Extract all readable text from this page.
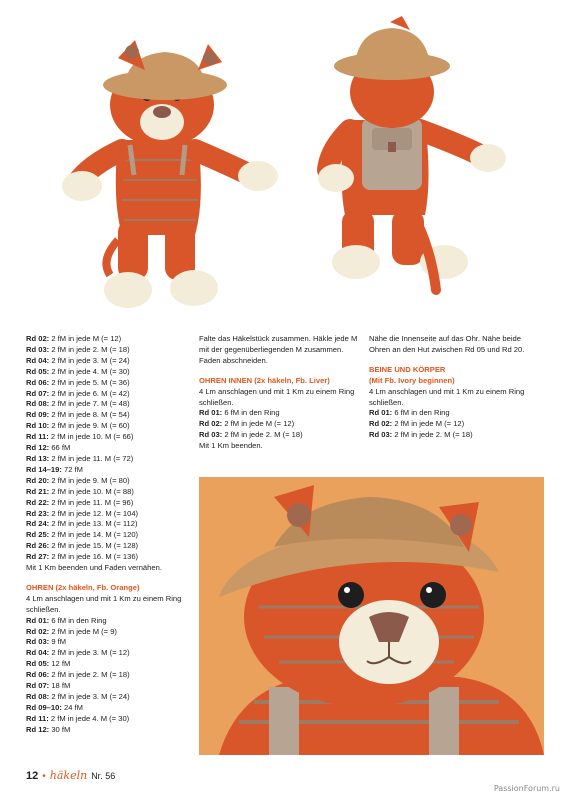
Rd 02: 2 fM in jede M (= 12)
Rd 03: 2 fM in jede 2. M (= 18)
Rd 04: 2 fM in jede 3. M (= 24)
Rd 05: 2 fM in jede 4. M (= 30)
Rd 06: 2 fM in jede 5. M (= 36)
Rd 07: 2 fM in jede 6. M (= 42)
Rd 08: 2 fM in jede 7. M (= 48)
Rd 09: 2 fM in jede 8. M (= 54)
Rd 10: 2 fM in jede 9. M (= 60)
Rd 11: 2 fM in jede 10. M (= 66)
Rd 12: 66 fM
Rd 13: 2 fM in jede 11. M (= 72)
Rd 14–19: 72 fM
Rd 20: 2 fM in jede 9. M (= 80)
Rd 21: 2 fM in jede 10. M (= 88)
Rd 22: 2 fM in jede 11. M (= 96)
Rd 23: 2 fM in jede 12. M (= 104)
Rd 24: 2 fM in jede 13. M (= 112)
Rd 25: 2 fM in jede 14. M (= 120)
Rd 26: 2 fM in jede 15. M (= 128)
Rd 27: 2 fM in jede 16. M (= 136)
Mit 1 Km beenden und Faden vernähen.
OHREN (2x häkeln, Fb. Orange)
4 Lm anschlagen und mit 1 Km zu einem Ring schließen.
Rd 01: 6 fM in den Ring
Rd 02: 2 fM in jede M (= 9)
Rd 03: 9 fM
Rd 04: 2 fM in jede 3. M (= 12)
Rd 05: 12 fM
Rd 06: 2 fM in jede 2. M (= 18)
Rd 07: 18 fM
Rd 08: 2 fM in jede 3. M (= 24)
Rd 09–10: 24 fM
Rd 11: 2 fM in jede 4. M (= 30)
Rd 12: 30 fM
Falte das Häkelstück zusammen. Häkle jede M mit der gegenüberliegenden M zusammen. Faden abschneiden.
OHREN INNEN (2x häkeln, Fb. Liver)
4 Lm anschlagen und mit 1 Km zu einem Ring schließen.
Rd 01: 6 fM in den Ring
Rd 02: 2 fM in jede M (= 12)
Rd 03: 2 fM in jede 2. M (= 18)
Mit 1 Km beenden.
Nähe die Innenseite auf das Ohr. Nähe beide Ohren an den Hut zwischen Rd 05 und Rd 20.
BEINE UND KÖRPER
(Mit Fb. Ivory beginnen)
4 Lm anschlagen und mit 1 Km zu einem Ring schließen.
Rd 01: 6 fM in den Ring
Rd 02: 2 fM in jede M (= 12)
Rd 03: 2 fM in jede 2. M (= 18)
12 • häkeln Nr. 56
PassionForum.ru
